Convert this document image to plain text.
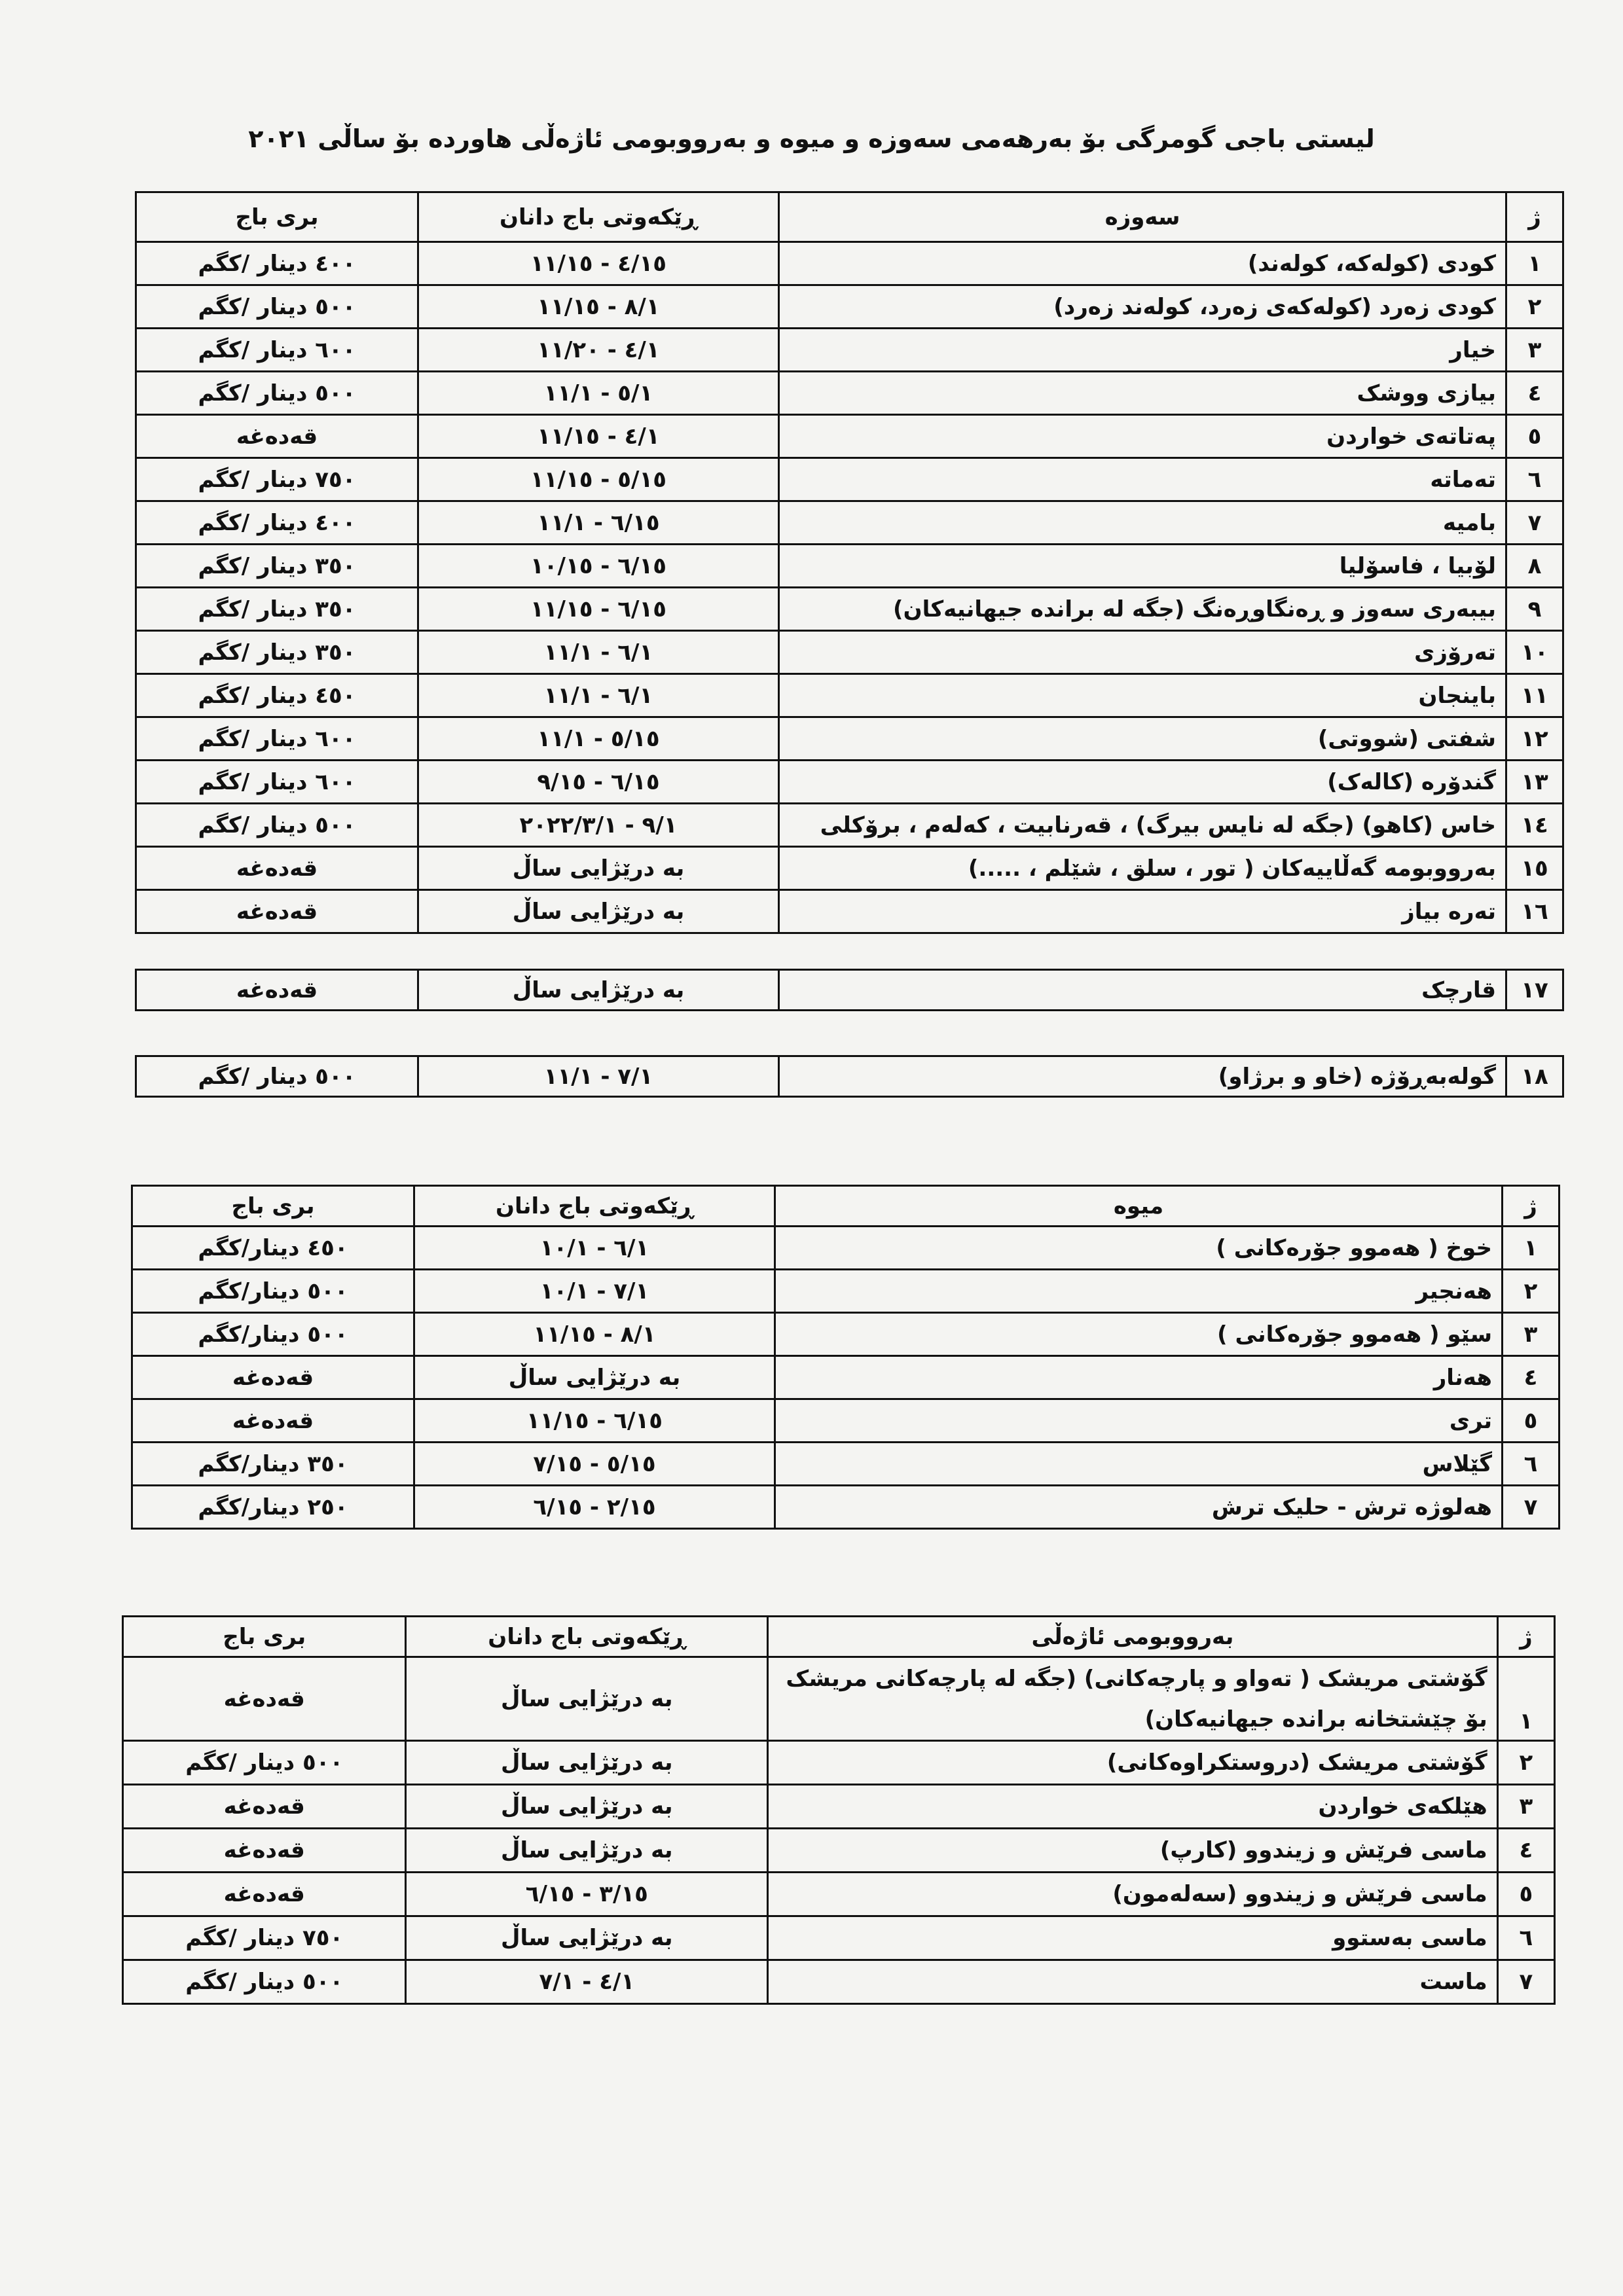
لیستی باجی گومرگی بۆ بەرهەمی سەوزە و میوە و بەرووبومی ئاژەڵی هاوردە بۆ ساڵی ٢٠٢١
ژ	سەوزە	ڕێکەوتی باج دانان	بری باج
١	کودی (کولەکە، کولەند)	٤/١٥ - ١١/١٥	٤٠٠ دینار /کگم
٢	کودی زەرد (کولەکەی زەرد، کولەند زەرد)	٨/١ - ١١/١٥	٥٠٠ دینار /کگم
٣	خیار	٤/١ - ١١/٢٠	٦٠٠ دینار /کگم
٤	بیازی ووشک	٥/١ - ١١/١	٥٠٠ دینار /کگم
٥	پەتاتەی خواردن	٤/١ - ١١/١٥	قەدەغە
٦	تەماتە	٥/١٥ - ١١/١٥	٧٥٠ دینار /کگم
٧	بامیە	٦/١٥ - ١١/١	٤٠٠ دینار /کگم
٨	لۆبیا ، فاسۆلیا	٦/١٥ - ١٠/١٥	٣٥٠ دینار /کگم
٩	بیبەری سەوز و ڕەنگاوڕەنگ (جگە لە براندە جیهانیەکان)	٦/١٥ - ١١/١٥	٣٥٠ دینار /کگم
١٠	تەرۆزی	٦/١ - ١١/١	٣٥٠ دینار /کگم
١١	باینجان	٦/١ - ١١/١	٤٥٠ دینار /کگم
١٢	شفتی (شووتی)	٥/١٥ - ١١/١	٦٠٠ دینار /کگم
١٣	گندۆرە (کالەک)	٦/١٥ - ٩/١٥	٦٠٠ دینار /کگم
١٤	خاس (کاهو) (جگە لە نایس بیرگ) ، قەرنابیت ، کەلەم ، برۆکلی	٩/١ - ٢٠٢٢/٣/١	٥٠٠ دینار /کگم
١٥	بەرووبومە گەڵاییەکان ( تور ، سلق ، شێلم ، .....)	بە درێژایی ساڵ	قەدەغە
١٦	تەرە بیاز	بە درێژایی ساڵ	قەدەغە
١٧	قارچک	بە درێژایی ساڵ	قەدەغە
١٨	گولەبەڕۆژە (خاو و برژاو)	٧/١ - ١١/١	٥٠٠ دینار /کگم
ژ	میوە	ڕێکەوتی باج دانان	بری باج
١	خوخ ( هەموو جۆرەکانی )	٦/١ - ١٠/١	٤٥٠ دینار/کگم
٢	هەنجیر	٧/١ - ١٠/١	٥٠٠ دینار/کگم
٣	سێو ( هەموو جۆرەکانی )	٨/١ - ١١/١٥	٥٠٠ دینار/کگم
٤	هەنار	بە درێژایی ساڵ	قەدەغە
٥	تری	٦/١٥ - ١١/١٥	قەدەغە
٦	گێلاس	٥/١٥ - ٧/١٥	٣٥٠ دینار/کگم
٧	هەلوژە ترش - حلیک ترش	٢/١٥ - ٦/١٥	٢٥٠ دینار/کگم
ژ	بەرووبومی ئاژەڵی	ڕێکەوتی باج دانان	بری باج
١	گۆشتی مریشک ( تەواو و پارچەکانی) (جگە لە پارچەکانی مریشک
بۆ چێشتخانە براندە جیهانیەکان)	بە درێژایی ساڵ	قەدەغە
٢	گۆشتی مریشک (دروستکراوەکانی)	بە درێژایی ساڵ	٥٠٠ دینار /کگم
٣	هێلکەی خواردن	بە درێژایی ساڵ	قەدەغە
٤	ماسی فرێش و زیندوو (کارپ)	بە درێژایی ساڵ	قەدەغە
٥	ماسی فرێش و زیندوو (سەلەمون)	٣/١٥ - ٦/١٥	قەدەغە
٦	ماسی بەستوو	بە درێژایی ساڵ	٧٥٠ دینار /کگم
٧	ماست	٤/١ - ٧/١	٥٠٠ دینار /کگم
